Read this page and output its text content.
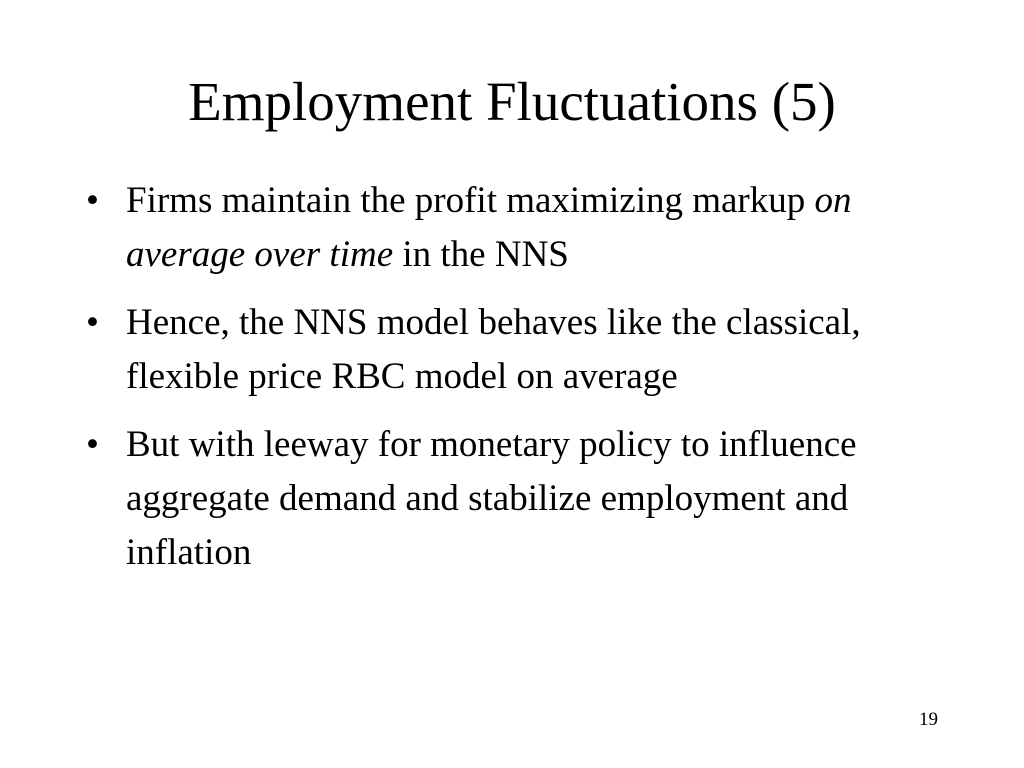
Employment Fluctuations (5)
• Firms maintain the profit maximizing markup on average over time in the NNS
• Hence, the NNS model behaves like the classical, flexible price RBC model on average
• But with leeway for monetary policy to influence aggregate demand and stabilize employment and inflation
19
